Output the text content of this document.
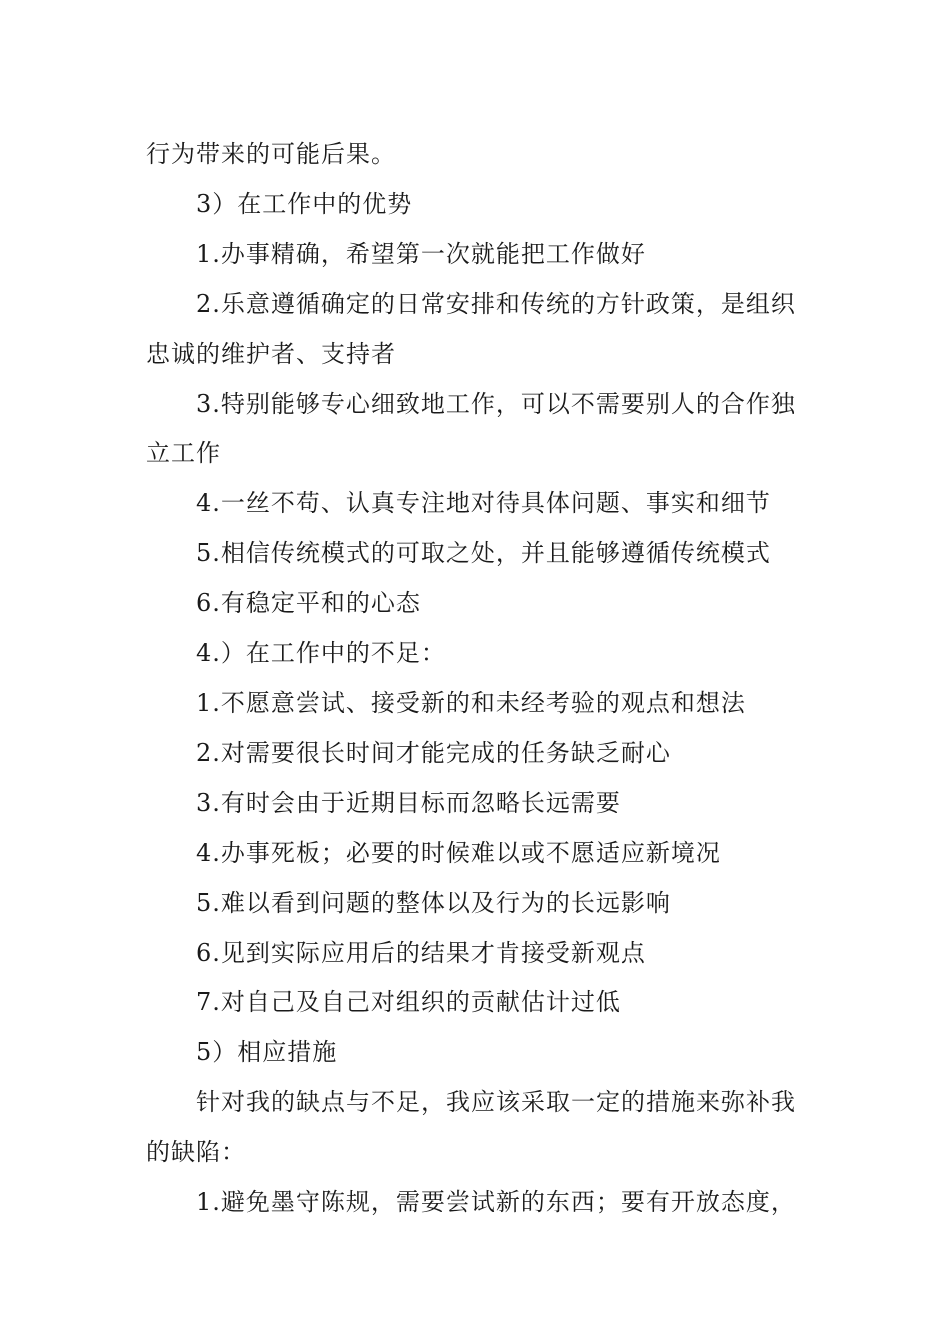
行为带来的可能后果。

3）在工作中的优势

1.办事精确，希望第一次就能把工作做好

2.乐意遵循确定的日常安排和传统的方针政策，是组织忠诚的维护者、支持者

3.特别能够专心细致地工作，可以不需要别人的合作独立工作

4.一丝不苟、认真专注地对待具体问题、事实和细节

5.相信传统模式的可取之处，并且能够遵循传统模式

6.有稳定平和的心态

4.）在工作中的不足：

1.不愿意尝试、接受新的和未经考验的观点和想法

2.对需要很长时间才能完成的任务缺乏耐心

3.有时会由于近期目标而忽略长远需要

4.办事死板；必要的时候难以或不愿适应新境况

5.难以看到问题的整体以及行为的长远影响

6.见到实际应用后的结果才肯接受新观点

7.对自己及自己对组织的贡献估计过低

5）相应措施

针对我的缺点与不足，我应该采取一定的措施来弥补我的缺陷：

1.避免墨守陈规，需要尝试新的东西；要有开放态度，
